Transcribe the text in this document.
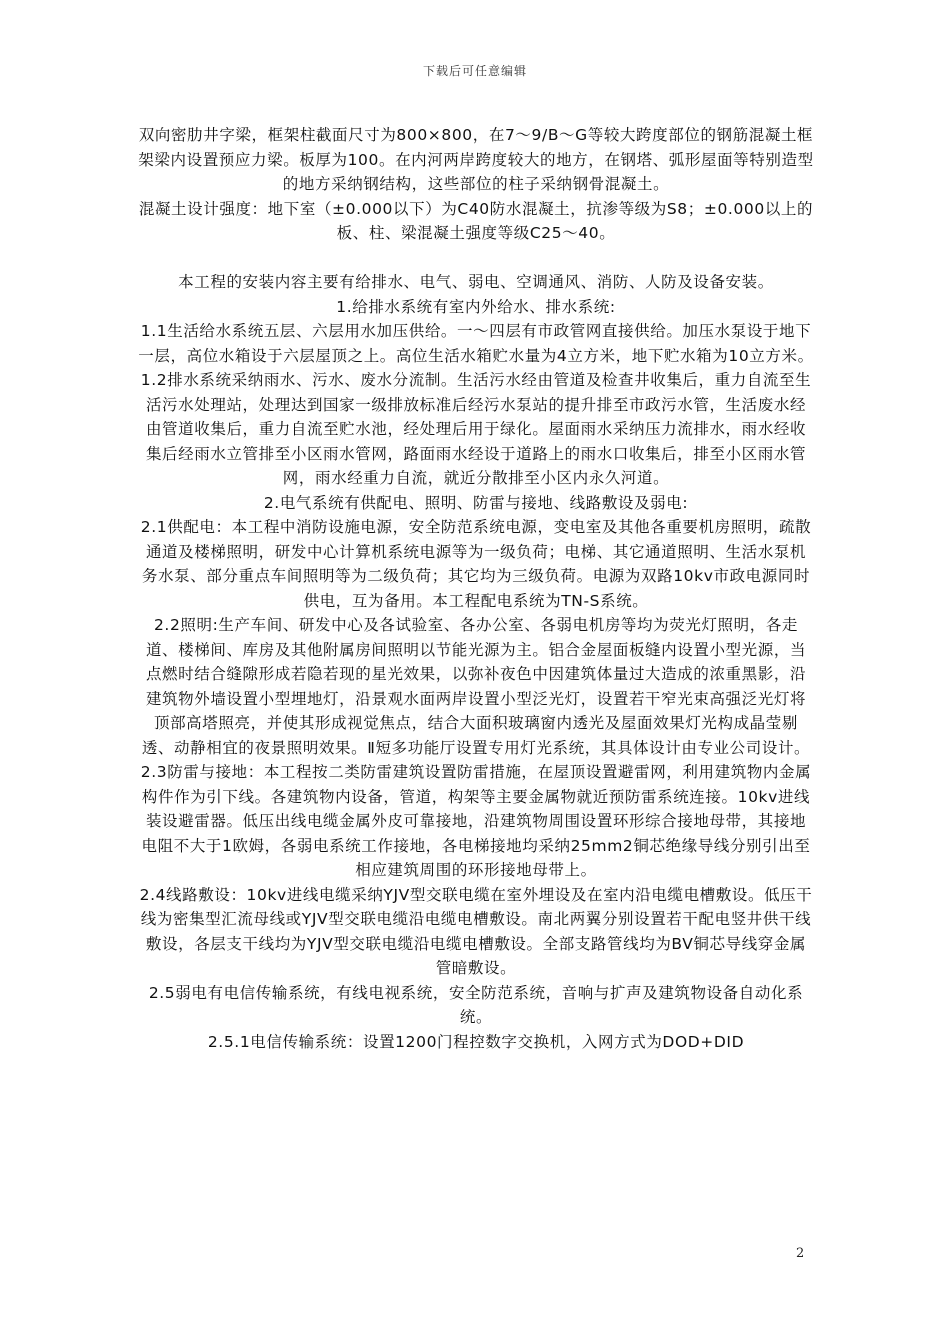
下载后可任意编辑

双向密肋井字梁，框架柱截面尺寸为800×800，在7～9/B～G等较大跨度部位的钢筋混凝土框架梁内设置预应力梁。板厚为100。在内河两岸跨度较大的地方，在钢塔、弧形屋面等特别造型的地方采纳钢结构，这些部位的柱子采纳钢骨混凝土。

混凝土设计强度：地下室（±0.000以下）为C40防水混凝土，抗渗等级为S8；±0.000以上的板、柱、梁混凝土强度等级C25～40。

本工程的安装内容主要有给排水、电气、弱电、空调通风、消防、人防及设备安装。

1.给排水系统有室内外给水、排水系统:

1.1生活给水系统五层、六层用水加压供给。一～四层有市政管网直接供给。加压水泵设于地下一层，高位水箱设于六层屋顶之上。高位生活水箱贮水量为4立方米，地下贮水箱为10立方米。

1.2排水系统采纳雨水、污水、废水分流制。生活污水经由管道及检查井收集后，重力自流至生活污水处理站，处理达到国家一级排放标准后经污水泵站的提升排至市政污水管，生活废水经由管道收集后，重力自流至贮水池，经处理后用于绿化。屋面雨水采纳压力流排水，雨水经收集后经雨水立管排至小区雨水管网，路面雨水经设于道路上的雨水口收集后，排至小区雨水管网，雨水经重力自流，就近分散排至小区内永久河道。

2.电气系统有供配电、照明、防雷与接地、线路敷设及弱电:

2.1供配电：本工程中消防设施电源，安全防范系统电源，变电室及其他各重要机房照明，疏散通道及楼梯照明，研发中心计算机系统电源等为一级负荷；电梯、其它通道照明、生活水泵机务水泵、部分重点车间照明等为二级负荷；其它均为三级负荷。电源为双路10kv市政电源同时供电，互为备用。本工程配电系统为TN-S系统。

2.2照明:生产车间、研发中心及各试验室、各办公室、各弱电机房等均为荧光灯照明，各走道、楼梯间、库房及其他附属房间照明以节能光源为主。铝合金屋面板缝内设置小型光源，当点燃时结合缝隙形成若隐若现的星光效果，以弥补夜色中因建筑体量过大造成的浓重黑影，沿建筑物外墙设置小型埋地灯，沿景观水面两岸设置小型泛光灯，设置若干窄光束高强泛光灯将顶部高塔照亮，并使其形成视觉焦点，结合大面积玻璃窗内透光及屋面效果灯光构成晶莹剔透、动静相宜的夜景照明效果。Ⅱ短多功能厅设置专用灯光系统，其具体设计由专业公司设计。

2.3防雷与接地：本工程按二类防雷建筑设置防雷措施，在屋顶设置避雷网，利用建筑物内金属构件作为引下线。各建筑物内设备，管道，构架等主要金属物就近预防雷系统连接。10kv进线装设避雷器。低压出线电缆金属外皮可靠接地，沿建筑物周围设置环形综合接地母带，其接地电阻不大于1欧姆，各弱电系统工作接地，各电梯接地均采纳25mm2铜芯绝缘导线分别引出至相应建筑周围的环形接地母带上。

2.4线路敷设：10kv进线电缆采纳YJV型交联电缆在室外埋设及在室内沿电缆电槽敷设。低压干线为密集型汇流母线或YJV型交联电缆沿电缆电槽敷设。南北两翼分别设置若干配电竖井供干线敷设，各层支干线均为YJV型交联电缆沿电缆电槽敷设。全部支路管线均为BV铜芯导线穿金属管暗敷设。

2.5弱电有电信传输系统，有线电视系统，安全防范系统，音响与扩声及建筑物设备自动化系统。

2.5.1电信传输系统：设置1200门程控数字交换机，入网方式为DOD+DID

2
